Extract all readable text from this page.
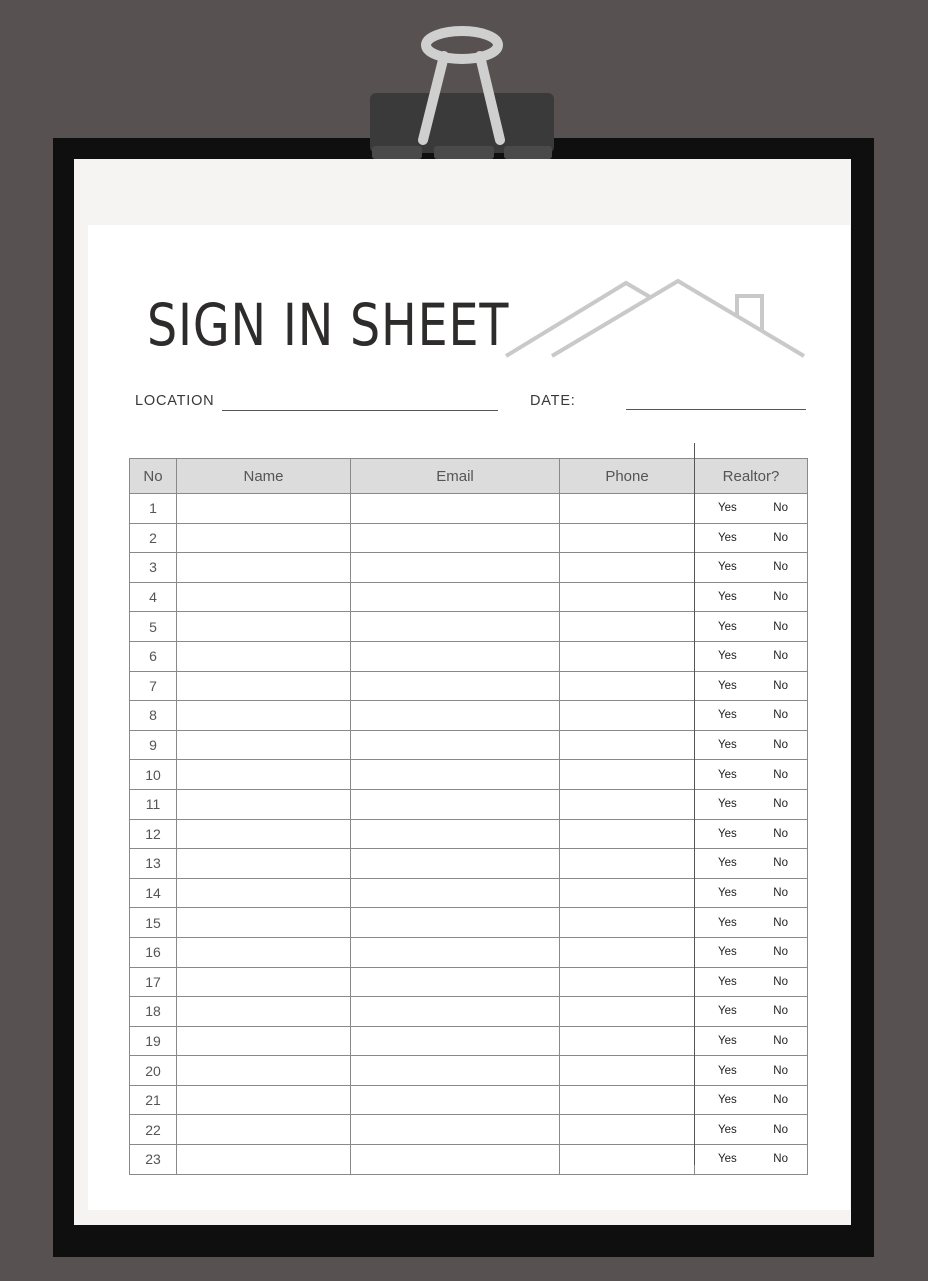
SIGN IN SHEET
LOCATION	DATE:
No	Name	Email	Phone	Realtor?
1				Yes No

2				Yes No

3				Yes No

4				Yes No

5				Yes No

6				Yes No

7				Yes No

8				Yes No

9				Yes No

10				Yes No

11				Yes No

12				Yes No

13				Yes No

14				Yes No

15				Yes No

16				Yes No

17				Yes No

18				Yes No

19				Yes No

20				Yes No

21				Yes No

22				Yes No

23				Yes No
